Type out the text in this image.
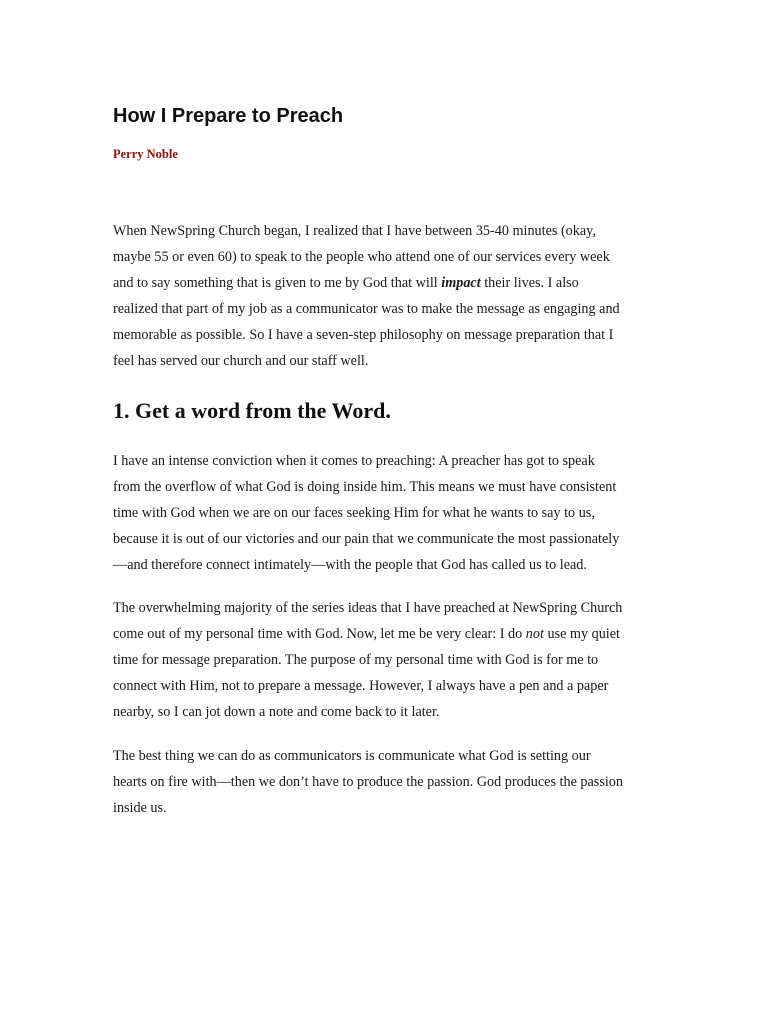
How I Prepare to Preach
Perry Noble

When NewSpring Church began, I realized that I have between 35-40 minutes (okay,
maybe 55 or even 60) to speak to the people who attend one of our services every week
and to say something that is given to me by God that will impact their lives. I also
realized that part of my job as a communicator was to make the message as engaging and
memorable as possible. So I have a seven-step philosophy on message preparation that I
feel has served our church and our staff well.

1. Get a word from the Word.

I have an intense conviction when it comes to preaching: A preacher has got to speak
from the overflow of what God is doing inside him. This means we must have consistent
time with God when we are on our faces seeking Him for what he wants to say to us,
because it is out of our victories and our pain that we communicate the most passionately
—and therefore connect intimately—with the people that God has called us to lead.

The overwhelming majority of the series ideas that I have preached at NewSpring Church
come out of my personal time with God. Now, let me be very clear: I do not use my quiet
time for message preparation. The purpose of my personal time with God is for me to
connect with Him, not to prepare a message. However, I always have a pen and a paper
nearby, so I can jot down a note and come back to it later.

The best thing we can do as communicators is communicate what God is setting our
hearts on fire with—then we don’t have to produce the passion. God produces the passion
inside us.
